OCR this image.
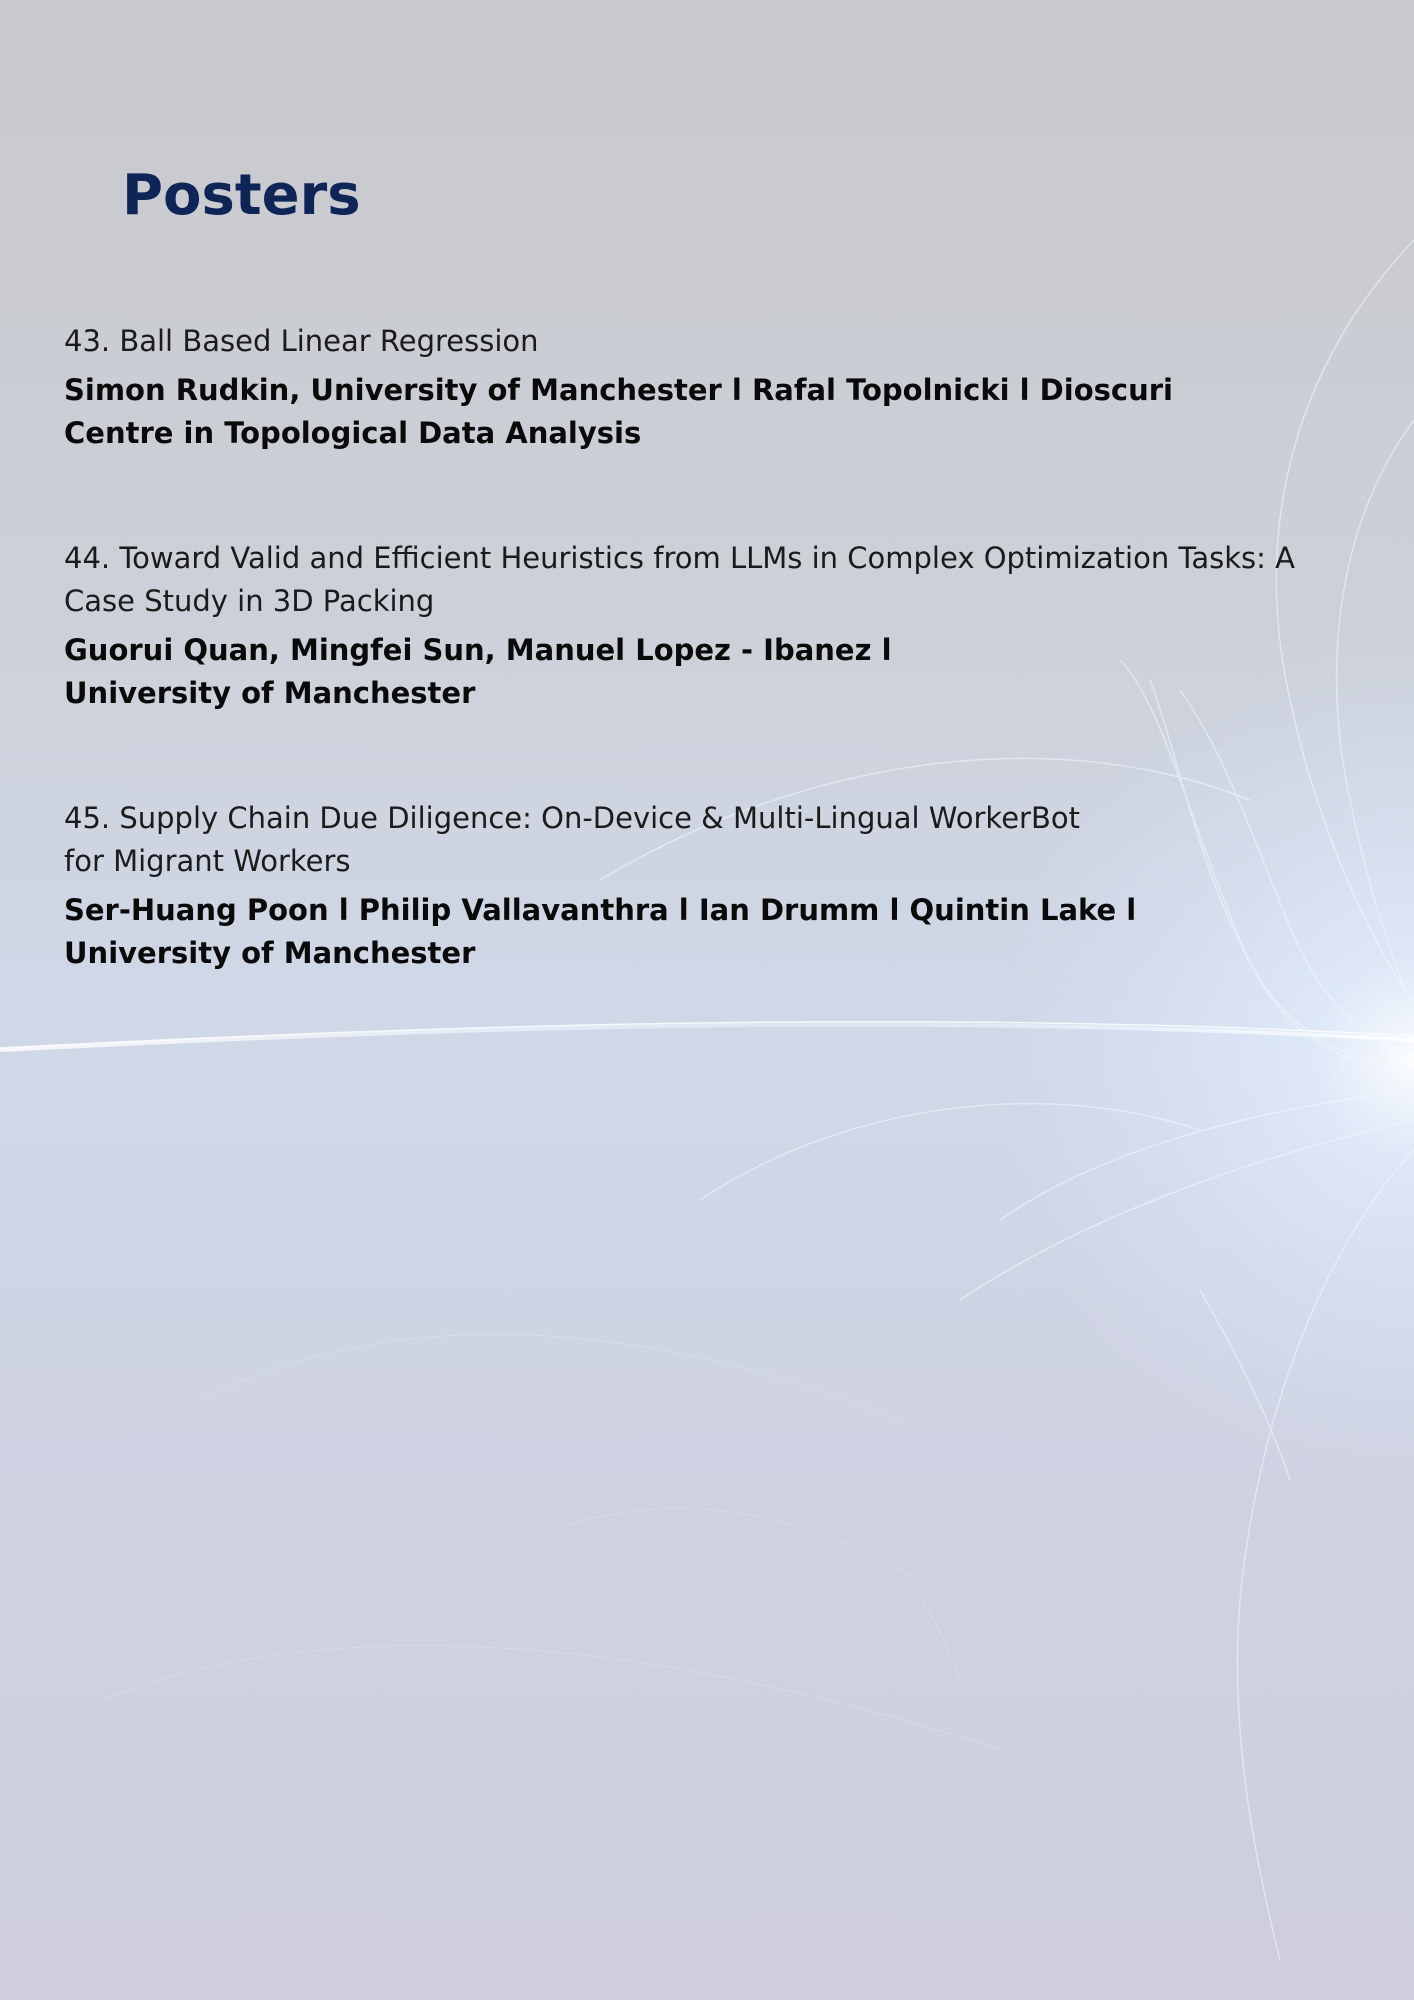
Posters

43. Ball Based Linear Regression

Simon Rudkin, University of Manchester l Rafal Topolnicki l Dioscuri Centre in Topological Data Analysis

44. Toward Valid and Efficient Heuristics from LLMs in Complex Optimization Tasks: A Case Study in 3D Packing

Guorui Quan, Mingfei Sun, Manuel Lopez - Ibanez l University of Manchester

45. Supply Chain Due Diligence: On-Device & Multi-Lingual WorkerBot for Migrant Workers

Ser-Huang Poon l Philip Vallavanthra l Ian Drumm l Quintin Lake l University of Manchester
